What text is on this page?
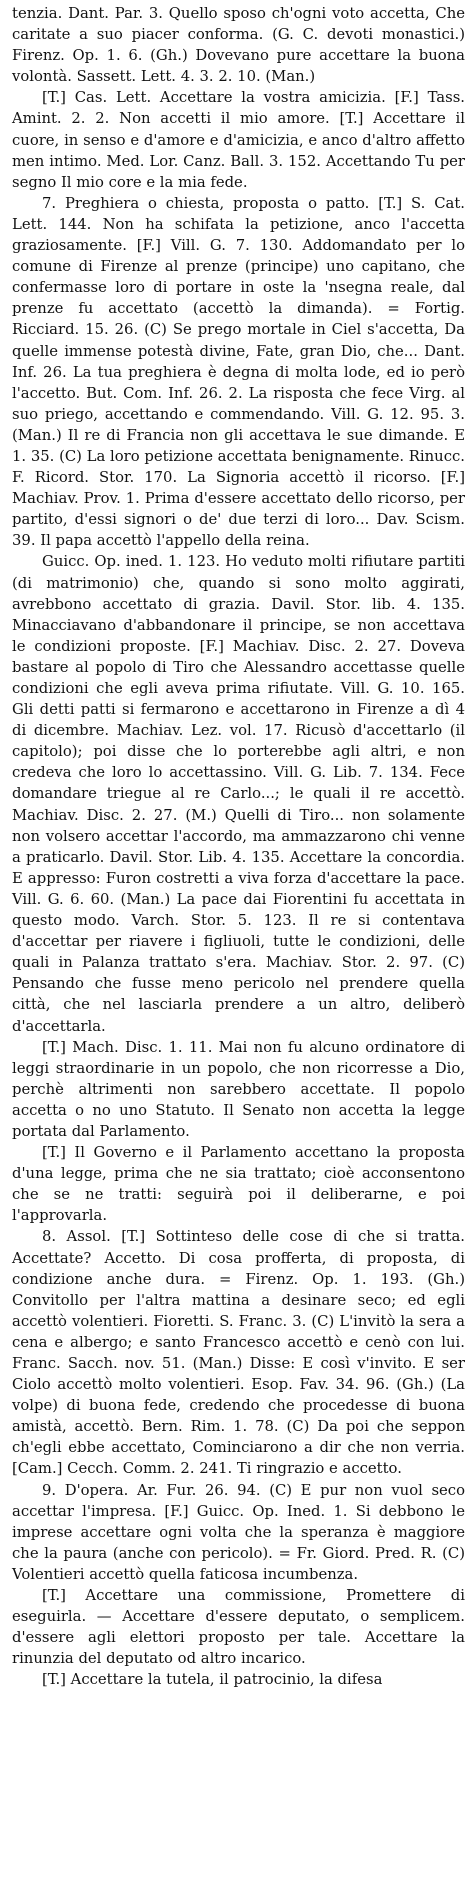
tenzia. Dant. Par. 3. Quello sposo ch'ogni voto accetta, Che caritate a suo piacer conforma. (G. C. devoti monastici.) Firenz. Op. 1. 6. (Gh.) Dovevano pure accettare la buona volontà. Sassett. Lett. 4. 3. 2. 10. (Man.)

[T.] Cas. Lett. Accettare la vostra amicizia. [F.] Tass. Amint. 2. 2. Non accetti il mio amore. [T.] Accettare il cuore, in senso e d'amore e d'amicizia, e anco d'altro affetto men intimo. Med. Lor. Canz. Ball. 3. 152. Accettando Tu per segno Il mio core e la mia fede.

7. Preghiera o chiesta, proposta o patto. [T.] S. Cat. Lett. 144. Non ha schifata la petizione, anco l'accetta graziosamente. [F.] Vill. G. 7. 130. Addomandato per lo comune di Firenze al prenze (principe) uno capitano, che confermasse loro di portare in oste la 'nsegna reale, dal prenze fu accettato (accettò la dimanda). = Fortig. Ricciard. 15. 26. (C) Se prego mortale in Ciel s'accetta, Da quelle immense potestà divine, Fate, gran Dio, che... Dant. Inf. 26. La tua preghiera è degna di molta lode, ed io però l'accetto. But. Com. Inf. 26. 2. La risposta che fece Virg. al suo priego, accettando e commendando. Vill. G. 12. 95. 3. (Man.) Il re di Francia non gli accettava le sue dimande. E 1. 35. (C) La loro petizione accettata benignamente. Rinucc. F. Ricord. Stor. 170. La Signoria accettò il ricorso. [F.] Machiav. Prov. 1. Prima d'essere accettato dello ricorso, per partito, d'essi signori o de' due terzi di loro... Dav. Scism. 39. Il papa accettò l'appello della reina.

Guicc. Op. ined. 1. 123. Ho veduto molti rifiutare partiti (di matrimonio) che, quando si sono molto aggirati, avrebbono accettato di grazia. Davil. Stor. lib. 4. 135. Minacciavano d'abbandonare il principe, se non accettava le condizioni proposte. [F.] Machiav. Disc. 2. 27. Doveva bastare al popolo di Tiro che Alessandro accettasse quelle condizioni che egli aveva prima rifiutate. Vill. G. 10. 165. Gli detti patti si fermarono e accettarono in Firenze a dì 4 di dicembre. Machiav. Lez. vol. 17. Ricusò d'accettarlo (il capitolo); poi disse che lo porterebbe agli altri, e non credeva che loro lo accettassino. Vill. G. Lib. 7. 134. Fece domandare triegue al re Carlo...; le quali il re accettò. Machiav. Disc. 2. 27. (M.) Quelli di Tiro... non solamente non volsero accettar l'accordo, ma ammazzarono chi venne a praticarlo. Davil. Stor. Lib. 4. 135. Accettare la concordia. E appresso: Furon costretti a viva forza d'accettare la pace. Vill. G. 6. 60. (Man.) La pace dai Fiorentini fu accettata in questo modo. Varch. Stor. 5. 123. Il re si contentava d'accettar per riavere i figliuoli, tutte le condizioni, delle quali in Palanza trattato s'era. Machiav. Stor. 2. 97. (C) Pensando che fusse meno pericolo nel prendere quella città, che nel lasciarla prendere a un altro, deliberò d'accettarla.

[T.] Mach. Disc. 1. 11. Mai non fu alcuno ordinatore di leggi straordinarie in un popolo, che non ricorresse a Dio, perchè altrimenti non sarebbero accettate. Il popolo accetta o no uno Statuto. Il Senato non accetta la legge portata dal Parlamento.

[T.] Il Governo e il Parlamento accettano la proposta d'una legge, prima che ne sia trattato; cioè acconsentono che se ne tratti: seguirà poi il deliberarne, e poi l'approvarla.

8. Assol. [T.] Sottinteso delle cose di che si tratta. Accettate? Accetto. Di cosa profferta, di proposta, di condizione anche dura. = Firenz. Op. 1. 193. (Gh.) Convitollo per l'altra mattina a desinare seco; ed egli accettò volentieri. Fioretti. S. Franc. 3. (C) L'invitò la sera a cena e albergo; e santo Francesco accettò e cenò con lui. Franc. Sacch. nov. 51. (Man.) Disse: E così v'invito. E ser Ciolo accettò molto volentieri. Esop. Fav. 34. 96. (Gh.) (La volpe) di buona fede, credendo che procedesse di buona amistà, accettò. Bern. Rim. 1. 78. (C) Da poi che seppon ch'egli ebbe accettato, Cominciarono a dir che non verria. [Cam.] Cecch. Comm. 2. 241. Ti ringrazio e accetto.

9. D'opera. Ar. Fur. 26. 94. (C) E pur non vuol seco accettar l'impresa. [F.] Guicc. Op. Ined. 1. Si debbono le imprese accettare ogni volta che la speranza è maggiore che la paura (anche con pericolo). = Fr. Giord. Pred. R. (C) Volentieri accettò quella faticosa incumbenza.

[T.] Accettare una commissione, Promettere di eseguirla. — Accettare d'essere deputato, o semplicem. d'essere agli elettori proposto per tale. Accettare la rinunzia del deputato od altro incarico.

[T.] Accettare la tutela, il patrocinio, la difesa
